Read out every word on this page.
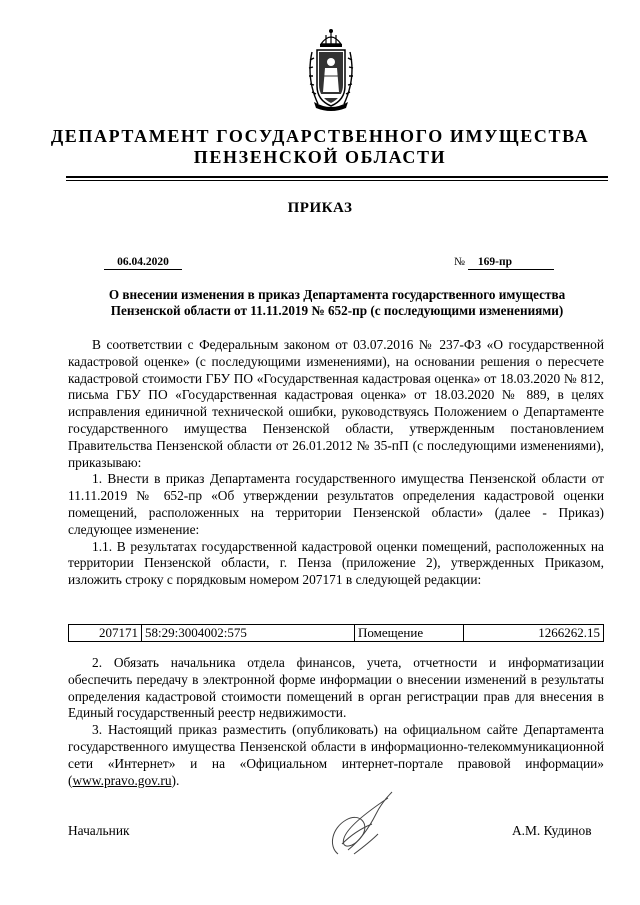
ДЕПАРТАМЕНТ ГОСУДАРСТВЕННОГО ИМУЩЕСТВА
ПЕНЗЕНСКОЙ ОБЛАСТИ
ПРИКАЗ
06.04.2020	№ 169-пр
О внесении изменения в приказ Департамента государственного имущества
Пензенской области от 11.11.2019 № 652-пр (с последующими изменениями)

В соответствии с Федеральным законом от 03.07.2016 № 237-ФЗ «О государственной кадастровой оценке» (с последующими изменениями), на основании решения о пересчете кадастровой стоимости ГБУ ПО «Государственная кадастровая оценка» от 18.03.2020 № 812, письма ГБУ ПО «Государственная кадастровая оценка» от 18.03.2020 № 889, в целях исправления единичной технической ошибки, руководствуясь Положением о Департаменте государственного имущества Пензенской области, утвержденным постановлением Правительства Пензенской области от 26.01.2012 № 35-пП (с последующими изменениями), приказываю:

1. Внести в приказ Департамента государственного имущества Пензенской области от 11.11.2019 № 652-пр «Об утверждении результатов определения кадастровой оценки помещений, расположенных на территории Пензенской области» (далее - Приказ) следующее изменение:

1.1. В результатах государственной кадастровой оценки помещений, расположенных на территории Пензенской области, г. Пенза (приложение 2), утвержденных Приказом, изложить строку с порядковым номером 207171 в следующей редакции:

207171	58:29:3004002:575	Помещение	1266262.15

2. Обязать начальника отдела финансов, учета, отчетности и информатизации обеспечить передачу в электронной форме информации о внесении изменений в результаты определения кадастровой стоимости помещений в орган регистрации прав для внесения в Единый государственный реестр недвижимости.

3. Настоящий приказ разместить (опубликовать) на официальном сайте Департамента государственного имущества Пензенской области в информационно-телекоммуникационной сети «Интернет» и на «Официальном интернет-портале правовой информации» (www.pravo.gov.ru).

Начальник	А.М. Кудинов
